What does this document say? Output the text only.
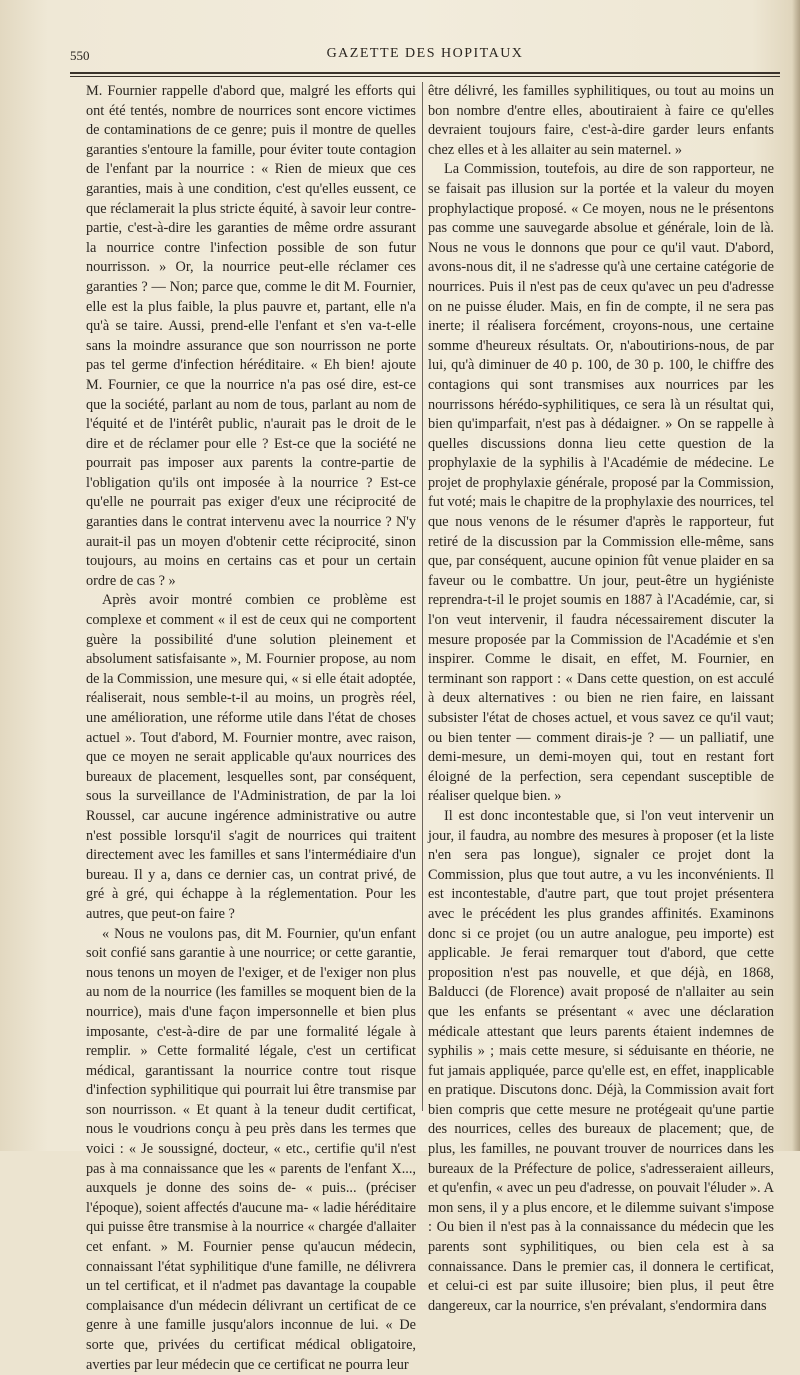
550	GAZETTE DES HOPITAUX

M. Fournier rappelle d'abord que, malgré les efforts qui ont été tentés, nombre de nourrices sont encore victimes de contaminations de ce genre; puis il montre de quelles garanties s'entoure la famille, pour éviter toute contagion de l'enfant par la nourrice : « Rien de mieux que ces garanties, mais à une condition, c'est qu'elles eussent, ce que réclamerait la plus stricte équité, à savoir leur contre-partie, c'est-à-dire les garanties de même ordre assurant la nourrice contre l'infection possible de son futur nourrisson. » Or, la nourrice peut-elle réclamer ces garanties ? — Non; parce que, comme le dit M. Fournier, elle est la plus faible, la plus pauvre et, partant, elle n'a qu'à se taire. Aussi, prend-elle l'enfant et s'en va-t-elle sans la moindre assurance que son nourrisson ne porte pas tel germe d'infection héréditaire. « Eh bien! ajoute M. Fournier, ce que la nourrice n'a pas osé dire, est-ce que la société, parlant au nom de tous, parlant au nom de l'équité et de l'intérêt public, n'aurait pas le droit de le dire et de réclamer pour elle ? Est-ce que la société ne pourrait pas imposer aux parents la contre-partie de l'obligation qu'ils ont imposée à la nourrice ? Est-ce qu'elle ne pourrait pas exiger d'eux une réciprocité de garanties dans le contrat intervenu avec la nourrice ? N'y aurait-il pas un moyen d'obtenir cette réciprocité, sinon toujours, au moins en certains cas et pour un certain ordre de cas ? »

Après avoir montré combien ce problème est complexe et comment « il est de ceux qui ne comportent guère la possibilité d'une solution pleinement et absolument satisfaisante », M. Fournier propose, au nom de la Commission, une mesure qui, « si elle était adoptée, réaliserait, nous semble-t-il au moins, un progrès réel, une amélioration, une réforme utile dans l'état de choses actuel ». Tout d'abord, M. Fournier montre, avec raison, que ce moyen ne serait applicable qu'aux nourrices des bureaux de placement, lesquelles sont, par conséquent, sous la surveillance de l'Administration, de par la loi Roussel, car aucune ingérence administrative ou autre n'est possible lorsqu'il s'agit de nourrices qui traitent directement avec les familles et sans l'intermédiaire d'un bureau. Il y a, dans ce dernier cas, un contrat privé, de gré à gré, qui échappe à la réglementation. Pour les autres, que peut-on faire ?

« Nous ne voulons pas, dit M. Fournier, qu'un enfant soit confié sans garantie à une nourrice; or cette garantie, nous tenons un moyen de l'exiger, et de l'exiger non plus au nom de la nourrice (les familles se moquent bien de la nourrice), mais d'une façon impersonnelle et bien plus imposante, c'est-à-dire de par une formalité légale à remplir. » Cette formalité légale, c'est un certificat médical, garantissant la nourrice contre tout risque d'infection syphilitique qui pourrait lui être transmise par son nourrisson. « Et quant à la teneur dudit certificat, nous le voudrions conçu à peu près dans les termes que voici : « Je soussigné, docteur, « etc., certifie qu'il n'est pas à ma connaissance que les « parents de l'enfant X..., auxquels je donne des soins de- « puis... (préciser l'époque), soient affectés d'aucune ma- « ladie héréditaire qui puisse être transmise à la nourrice « chargée d'allaiter cet enfant. » M. Fournier pense qu'aucun médecin, connaissant l'état syphilitique d'une famille, ne délivrera un tel certificat, et il n'admet pas davantage la coupable complaisance d'un médecin délivrant un certificat de ce genre à une famille jusqu'alors inconnue de lui. « De sorte que, privées du certificat médical obligatoire, averties par leur médecin que ce certificat ne pourra leur

être délivré, les familles syphilitiques, ou tout au moins un bon nombre d'entre elles, aboutiraient à faire ce qu'elles devraient toujours faire, c'est-à-dire garder leurs enfants chez elles et à les allaiter au sein maternel. »

La Commission, toutefois, au dire de son rapporteur, ne se faisait pas illusion sur la portée et la valeur du moyen prophylactique proposé. « Ce moyen, nous ne le présentons pas comme une sauvegarde absolue et générale, loin de là. Nous ne vous le donnons que pour ce qu'il vaut. D'abord, avons-nous dit, il ne s'adresse qu'à une certaine catégorie de nourrices. Puis il n'est pas de ceux qu'avec un peu d'adresse on ne puisse éluder. Mais, en fin de compte, il ne sera pas inerte; il réalisera forcément, croyons-nous, une certaine somme d'heureux résultats. Or, n'aboutirions-nous, de par lui, qu'à diminuer de 40 p. 100, de 30 p. 100, le chiffre des contagions qui sont transmises aux nourrices par les nourrissons hérédo-syphilitiques, ce sera là un résultat qui, bien qu'imparfait, n'est pas à dédaigner. » On se rappelle à quelles discussions donna lieu cette question de la prophylaxie de la syphilis à l'Académie de médecine. Le projet de prophylaxie générale, proposé par la Commission, fut voté; mais le chapitre de la prophylaxie des nourrices, tel que nous venons de le résumer d'après le rapporteur, fut retiré de la discussion par la Commission elle-même, sans que, par conséquent, aucune opinion fût venue plaider en sa faveur ou le combattre. Un jour, peut-être un hygiéniste reprendra-t-il le projet soumis en 1887 à l'Académie, car, si l'on veut intervenir, il faudra nécessairement discuter la mesure proposée par la Commission de l'Académie et s'en inspirer. Comme le disait, en effet, M. Fournier, en terminant son rapport : « Dans cette question, on est acculé à deux alternatives : ou bien ne rien faire, en laissant subsister l'état de choses actuel, et vous savez ce qu'il vaut; ou bien tenter — comment dirais-je ? — un palliatif, une demi-mesure, un demi-moyen qui, tout en restant fort éloigné de la perfection, sera cependant susceptible de réaliser quelque bien. »

Il est donc incontestable que, si l'on veut intervenir un jour, il faudra, au nombre des mesures à proposer (et la liste n'en sera pas longue), signaler ce projet dont la Commission, plus que tout autre, a vu les inconvénients. Il est incontestable, d'autre part, que tout projet présentera avec le précédent les plus grandes affinités. Examinons donc si ce projet (ou un autre analogue, peu importe) est applicable. Je ferai remarquer tout d'abord, que cette proposition n'est pas nouvelle, et que déjà, en 1868, Balducci (de Florence) avait proposé de n'allaiter au sein que les enfants se présentant « avec une déclaration médicale attestant que leurs parents étaient indemnes de syphilis » ; mais cette mesure, si séduisante en théorie, ne fut jamais appliquée, parce qu'elle est, en effet, inapplicable en pratique. Discutons donc. Déjà, la Commission avait fort bien compris que cette mesure ne protégeait qu'une partie des nourrices, celles des bureaux de placement; que, de plus, les familles, ne pouvant trouver de nourrices dans les bureaux de la Préfecture de police, s'adresseraient ailleurs, et qu'enfin, « avec un peu d'adresse, on pouvait l'éluder ». A mon sens, il y a plus encore, et le dilemme suivant s'impose : Ou bien il n'est pas à la connaissance du médecin que les parents sont syphilitiques, ou bien cela est à sa connaissance. Dans le premier cas, il donnera le certificat, et celui-ci est par suite illusoire; bien plus, il peut être dangereux, car la nourrice, s'en prévalant, s'endormira dans
